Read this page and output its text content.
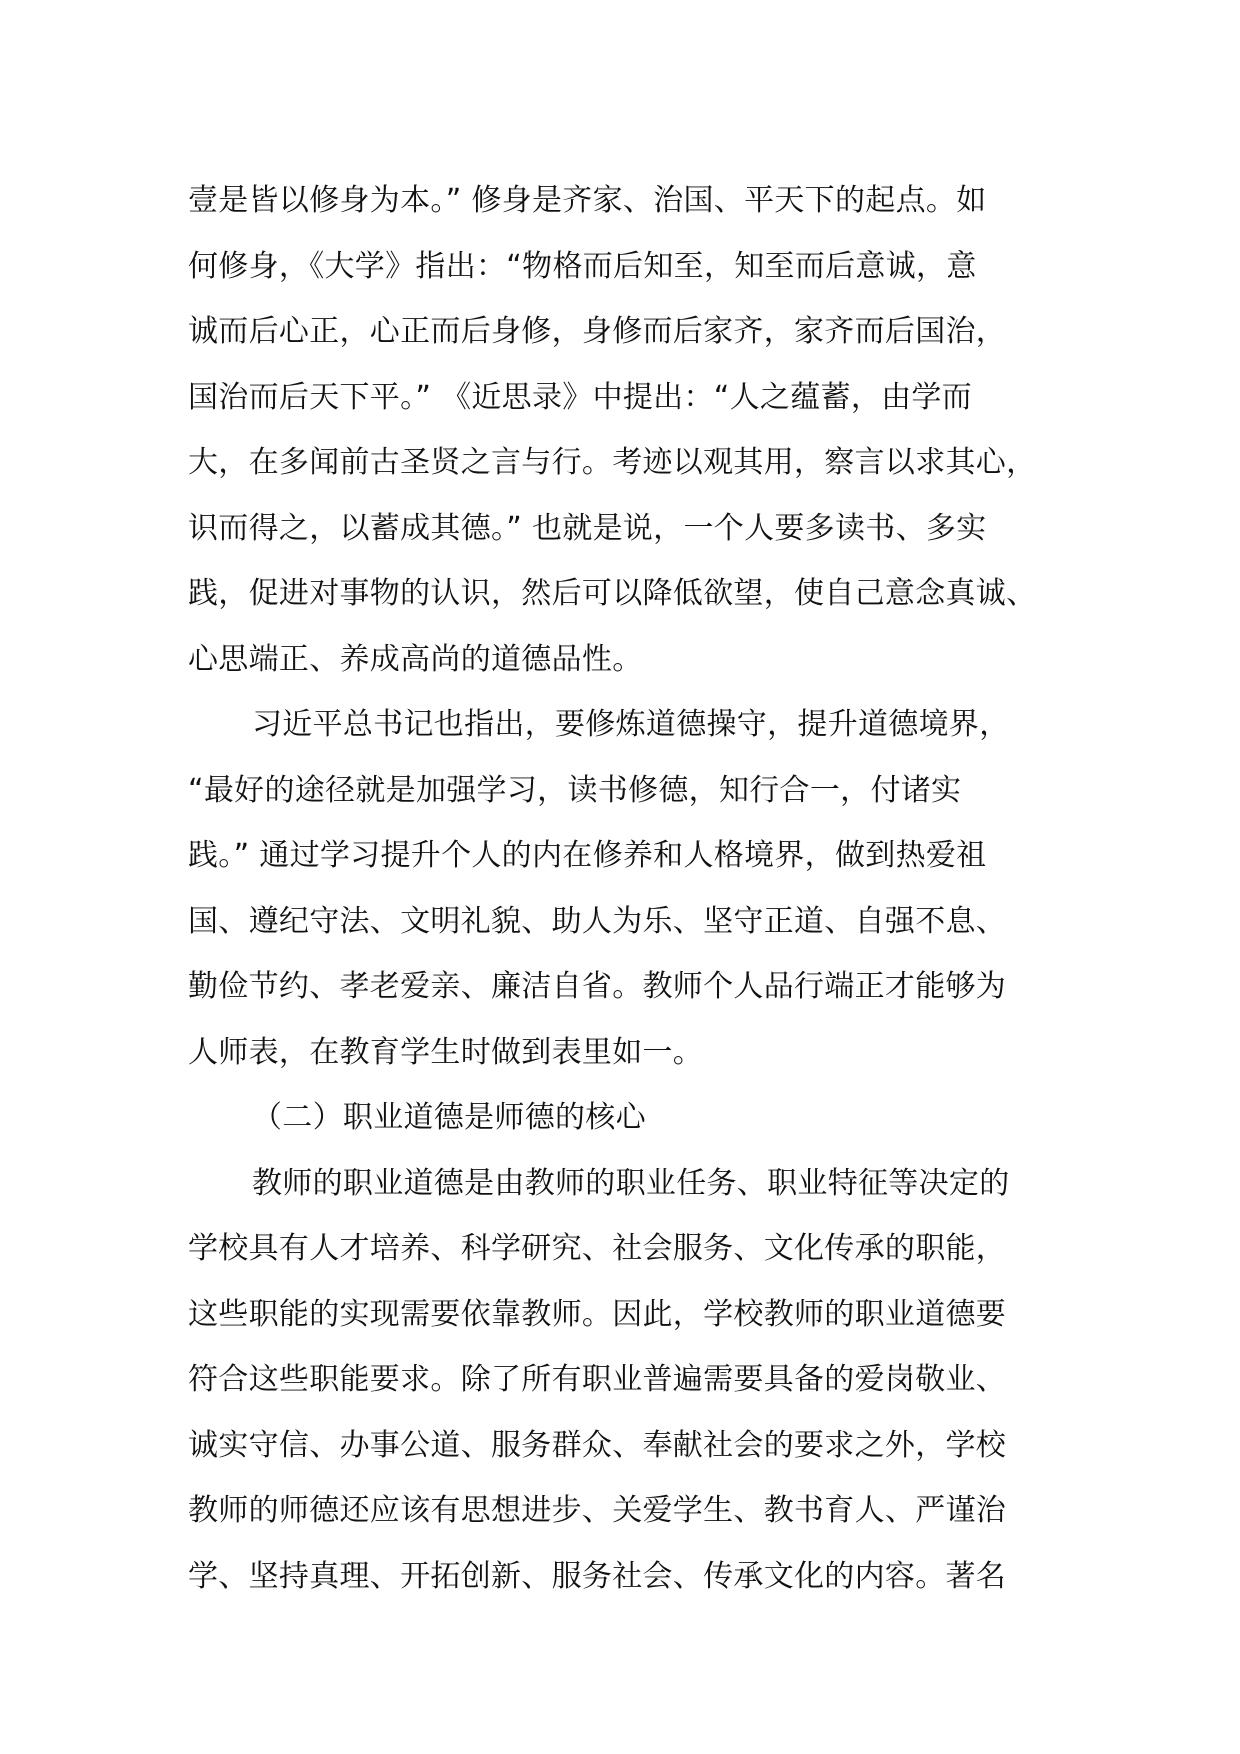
壹是皆以修身为本。” 修身是齐家、治国、平天下的起点。如
何修身，《大学》指出：“物格而后知至，知至而后意诚，意
诚而后心正，心正而后身修，身修而后家齐，家齐而后国治，
国治而后天下平。” 《近思录》中提出：“人之蕴蓄，由学而
大，在多闻前古圣贤之言与行。考迹以观其用，察言以求其心，
识而得之，以蓄成其德。” 也就是说，一个人要多读书、多实
践，促进对事物的认识，然后可以降低欲望，使自己意念真诚、
心思端正、养成高尚的道德品性。
习近平总书记也指出，要修炼道德操守，提升道德境界，
“最好的途径就是加强学习，读书修德，知行合一，付诸实
践。” 通过学习提升个人的内在修养和人格境界，做到热爱祖
国、遵纪守法、文明礼貌、助人为乐、坚守正道、自强不息、
勤俭节约、孝老爱亲、廉洁自省。教师个人品行端正才能够为
人师表，在教育学生时做到表里如一。
（二）职业道德是师德的核心
教师的职业道德是由教师的职业任务、职业特征等决定的
学校具有人才培养、科学研究、社会服务、文化传承的职能，
这些职能的实现需要依靠教师。因此，学校教师的职业道德要
符合这些职能要求。除了所有职业普遍需要具备的爱岗敬业、
诚实守信、办事公道、服务群众、奉献社会的要求之外，学校
教师的师德还应该有思想进步、关爱学生、教书育人、严谨治
学、坚持真理、开拓创新、服务社会、传承文化的内容。著名
